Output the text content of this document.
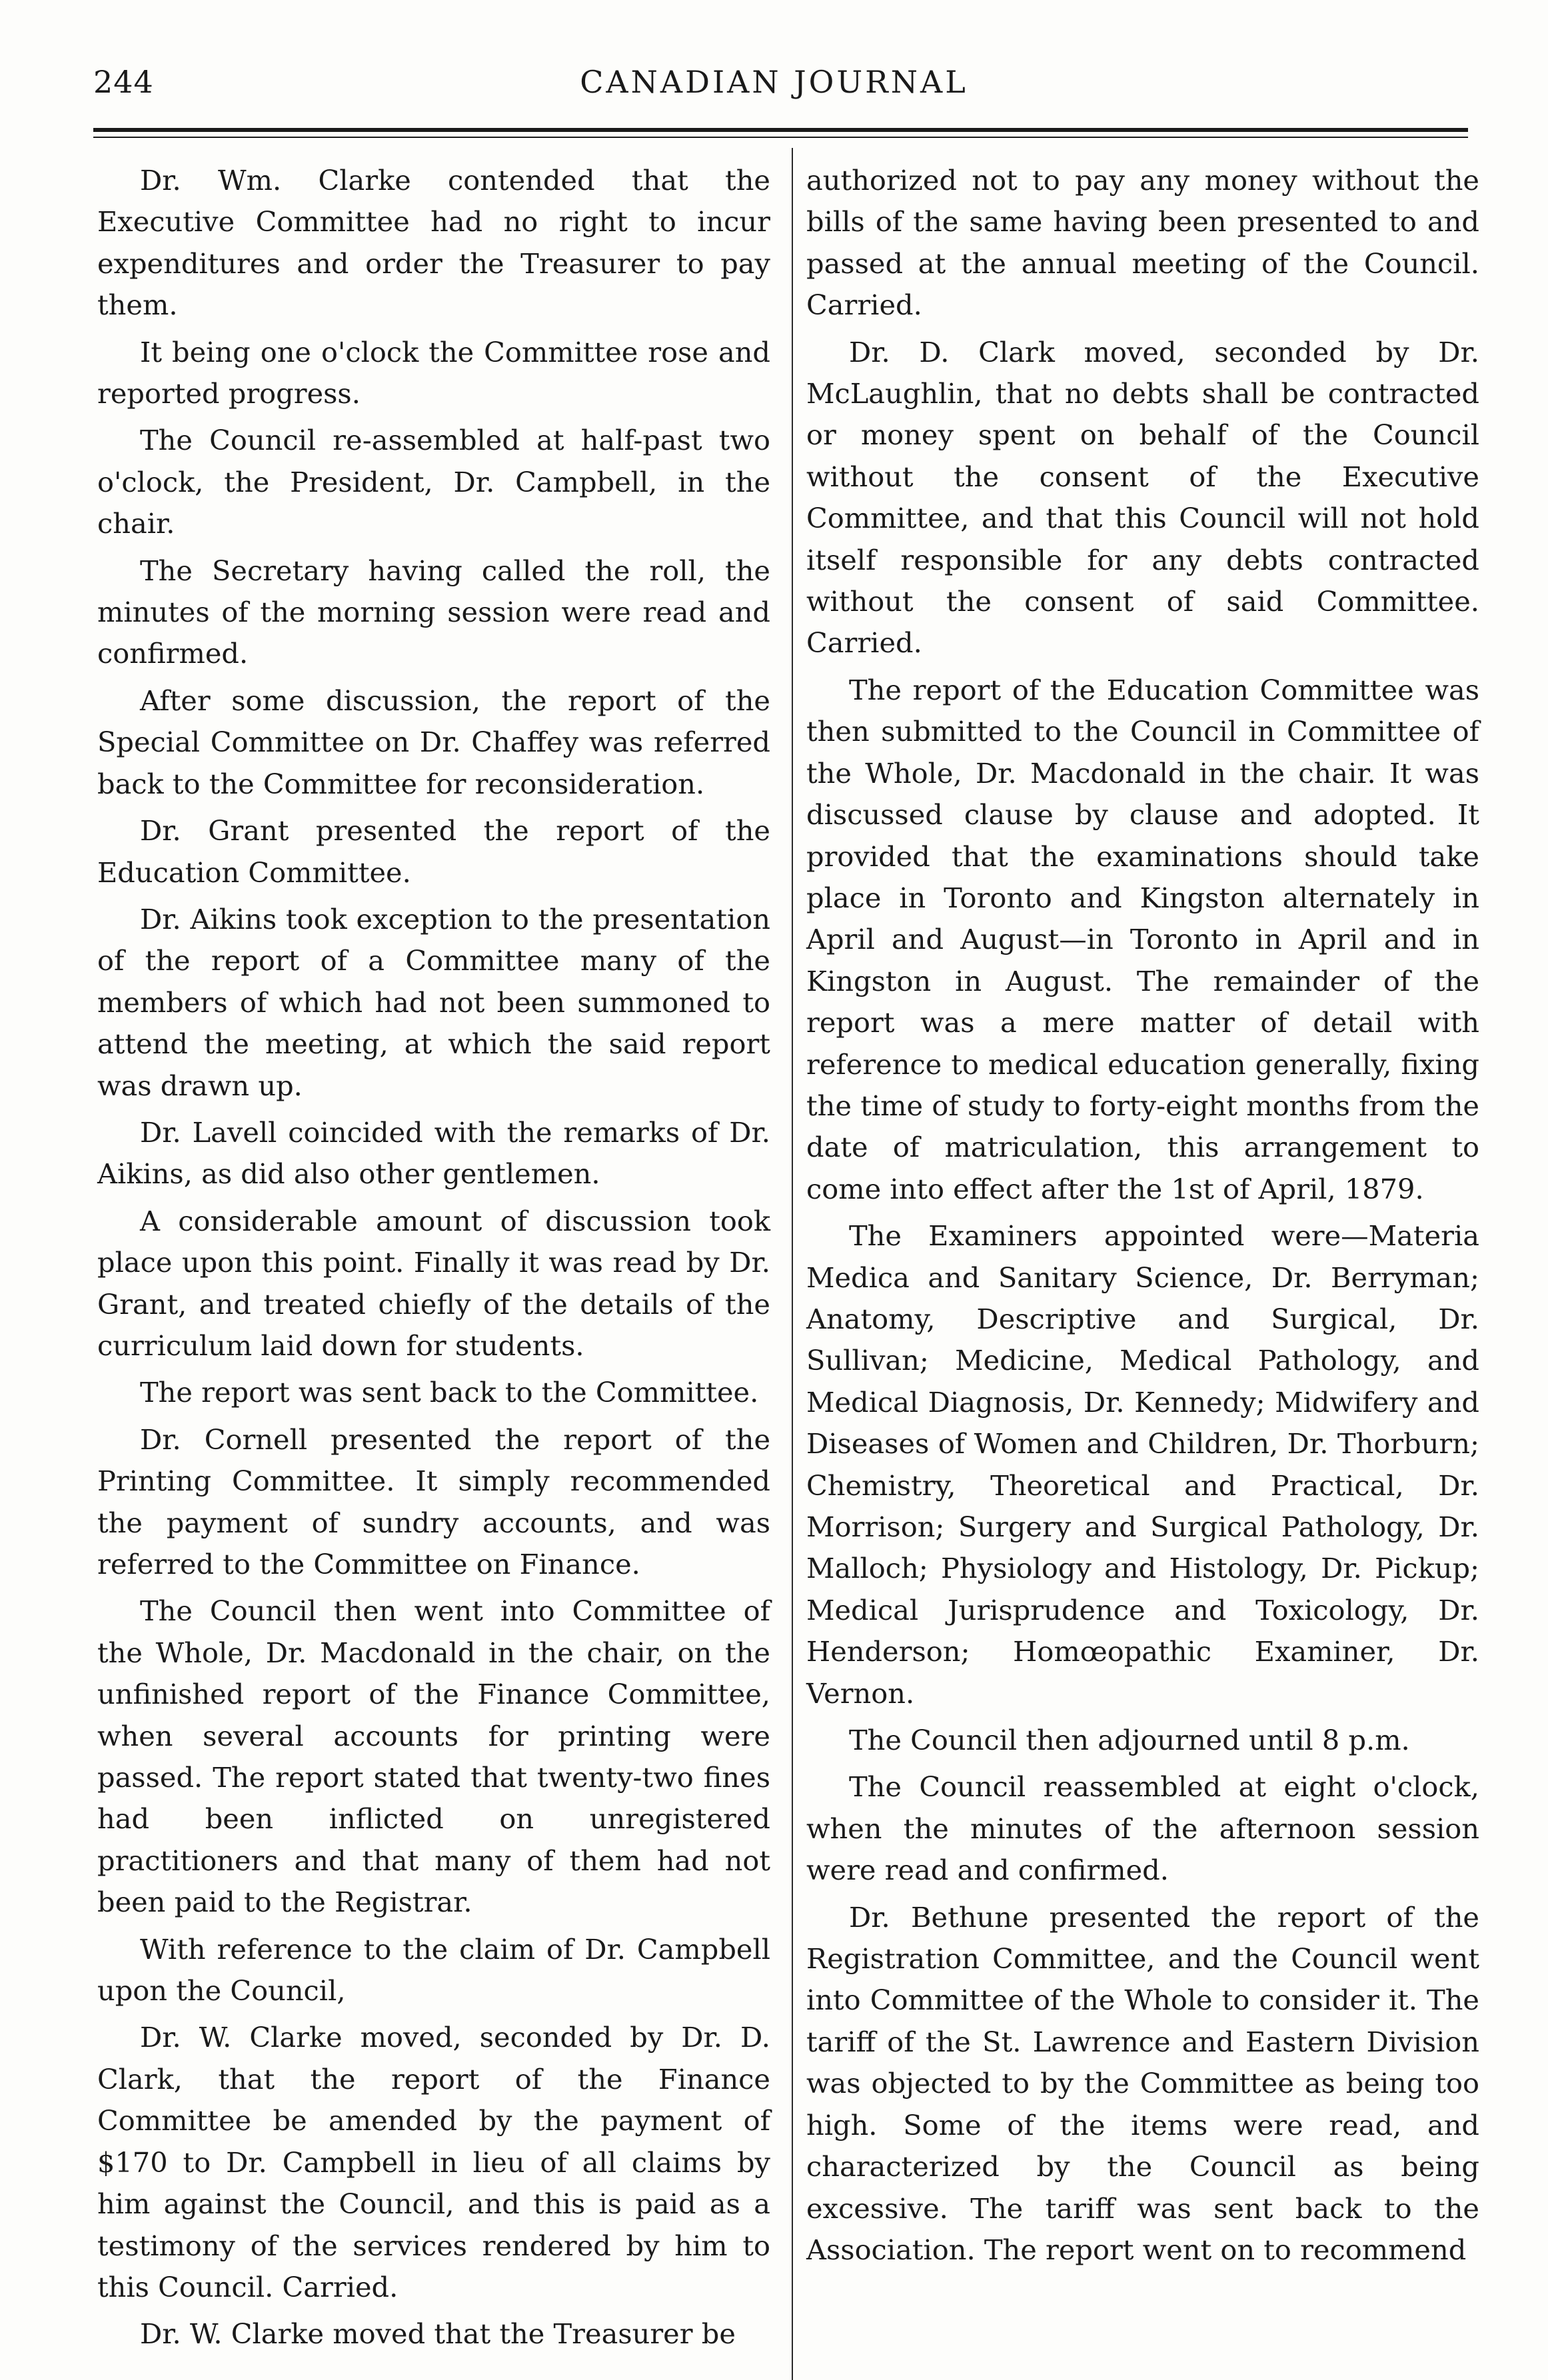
244	CANADIAN JOURNAL

Dr. Wm. Clarke contended that the Executive Committee had no right to incur expenditures and order the Treasurer to pay them.

It being one o'clock the Committee rose and reported progress.

The Council re-assembled at half-past two o'clock, the President, Dr. Campbell, in the chair.

The Secretary having called the roll, the minutes of the morning session were read and confirmed.

After some discussion, the report of the Special Committee on Dr. Chaffey was referred back to the Committee for reconsideration.

Dr. Grant presented the report of the Education Committee.

Dr. Aikins took exception to the presentation of the report of a Committee many of the members of which had not been summoned to attend the meeting, at which the said report was drawn up.

Dr. Lavell coincided with the remarks of Dr. Aikins, as did also other gentlemen.

A considerable amount of discussion took place upon this point. Finally it was read by Dr. Grant, and treated chiefly of the details of the curriculum laid down for students.

The report was sent back to the Committee.

Dr. Cornell presented the report of the Printing Committee. It simply recommended the payment of sundry accounts, and was referred to the Committee on Finance.

The Council then went into Committee of the Whole, Dr. Macdonald in the chair, on the unfinished report of the Finance Committee, when several accounts for printing were passed. The report stated that twenty-two fines had been inflicted on unregistered practitioners and that many of them had not been paid to the Registrar.

With reference to the claim of Dr. Campbell upon the Council,

Dr. W. Clarke moved, seconded by Dr. D. Clark, that the report of the Finance Committee be amended by the payment of $170 to Dr. Campbell in lieu of all claims by him against the Council, and this is paid as a testimony of the services rendered by him to this Council. Carried.

Dr. W. Clarke moved that the Treasurer be

authorized not to pay any money without the bills of the same having been presented to and passed at the annual meeting of the Council. Carried.

Dr. D. Clark moved, seconded by Dr. McLaughlin, that no debts shall be contracted or money spent on behalf of the Council without the consent of the Executive Committee, and that this Council will not hold itself responsible for any debts contracted without the consent of said Committee. Carried.

The report of the Education Committee was then submitted to the Council in Committee of the Whole, Dr. Macdonald in the chair. It was discussed clause by clause and adopted. It provided that the examinations should take place in Toronto and Kingston alternately in April and August—in Toronto in April and in Kingston in August. The remainder of the report was a mere matter of detail with reference to medical education generally, fixing the time of study to forty-eight months from the date of matriculation, this arrangement to come into effect after the 1st of April, 1879.

The Examiners appointed were—Materia Medica and Sanitary Science, Dr. Berryman; Anatomy, Descriptive and Surgical, Dr. Sullivan; Medicine, Medical Pathology, and Medical Diagnosis, Dr. Kennedy; Midwifery and Diseases of Women and Children, Dr. Thorburn; Chemistry, Theoretical and Practical, Dr. Morrison; Surgery and Surgical Pathology, Dr. Malloch; Physiology and Histology, Dr. Pickup; Medical Jurisprudence and Toxicology, Dr. Henderson; Homœopathic Examiner, Dr. Vernon.

The Council then adjourned until 8 p.m.

The Council reassembled at eight o'clock, when the minutes of the afternoon session were read and confirmed.

Dr. Bethune presented the report of the Registration Committee, and the Council went into Committee of the Whole to consider it. The tariff of the St. Lawrence and Eastern Division was objected to by the Committee as being too high. Some of the items were read, and characterized by the Council as being excessive. The tariff was sent back to the Association. The report went on to recommend
